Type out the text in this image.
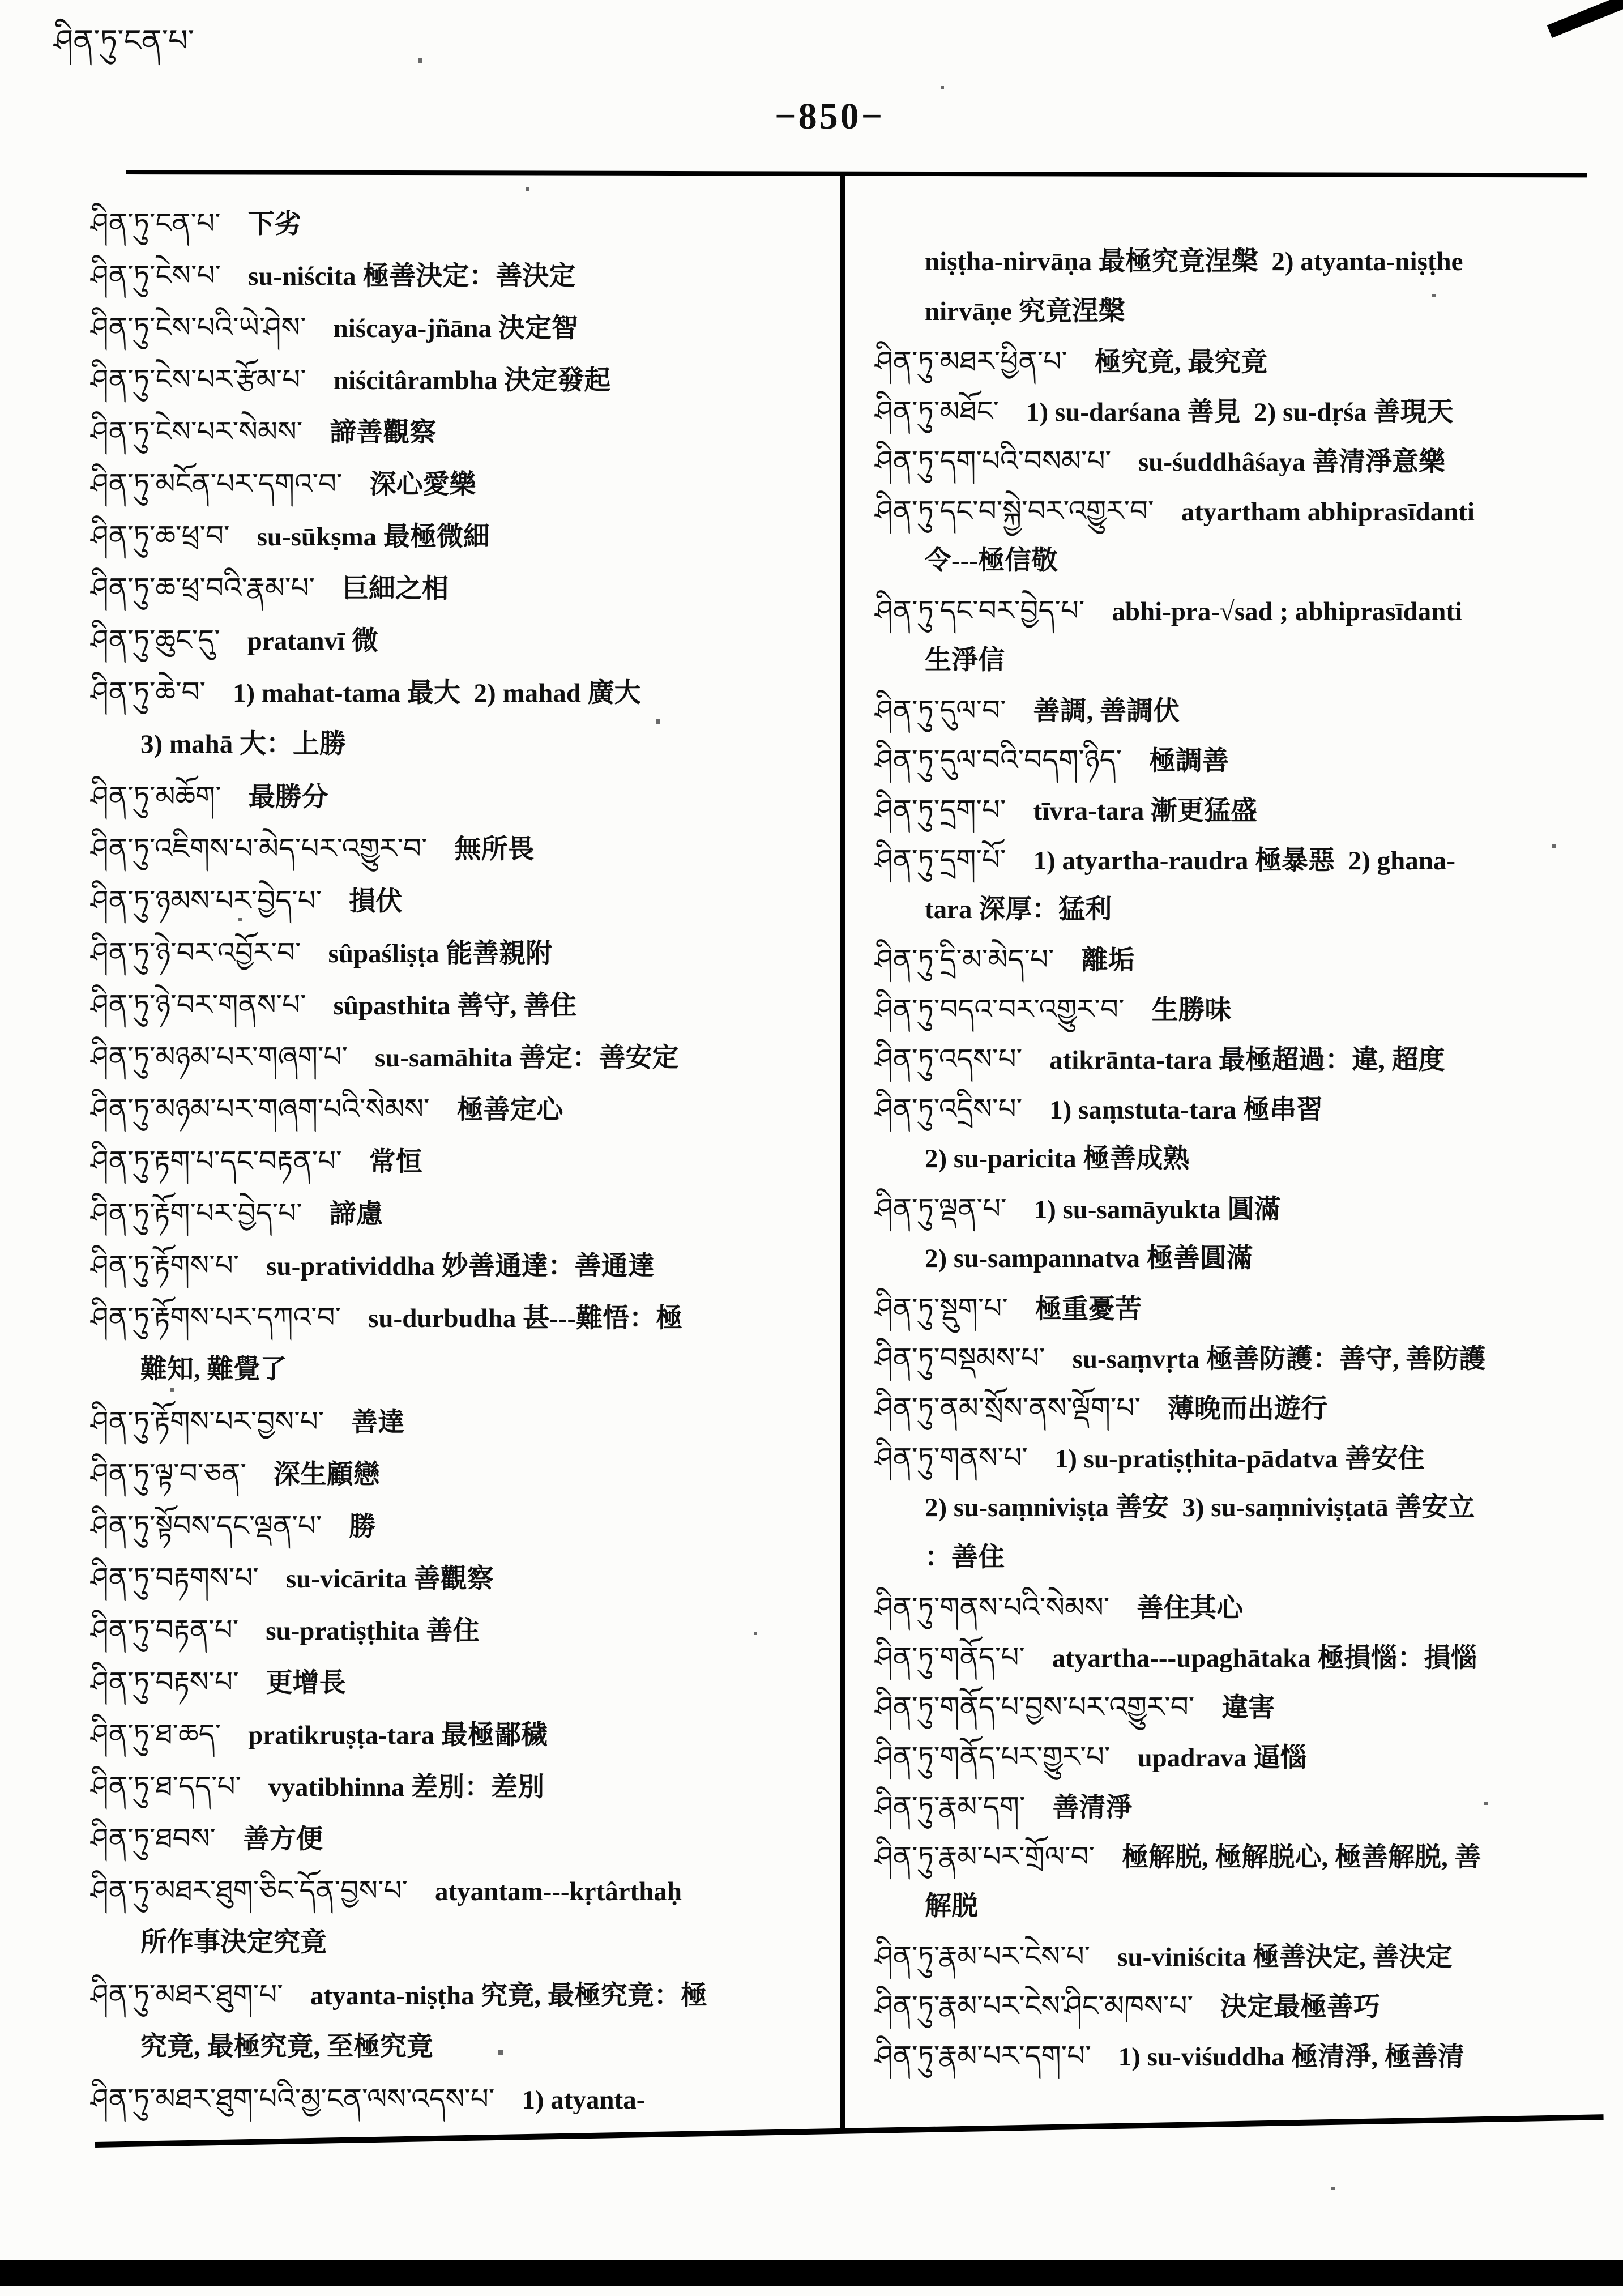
ཤིན་ཏུ་ངན་པ་
−850−
ཤིན་ཏུ་ངན་པ་ 下劣
ཤིན་ཏུ་ངེས་པ་ su-niścita 極善決定：善決定
ཤིན་ཏུ་ངེས་པའི་ཡེ་ཤེས་ niścaya-jñāna 決定智
ཤིན་ཏུ་ངེས་པར་རྩོམ་པ་ niścitârambha 決定發起
ཤིན་ཏུ་ངེས་པར་སེམས་ 諦善觀察
ཤིན་ཏུ་མངོན་པར་དགའ་བ་ 深心愛樂
ཤིན་ཏུ་ཆ་ཕྲ་བ་ su-sūkṣma 最極微細
ཤིན་ཏུ་ཆ་ཕྲ་བའི་རྣམ་པ་ 巨細之相
ཤིན་ཏུ་ཆུང་དུ་ pratanvī 微
ཤིན་ཏུ་ཆེ་བ་ 1) mahat-tama 最大  2) mahad 廣大
3) mahā 大：上勝
ཤིན་ཏུ་མཆོག་ 最勝分
ཤིན་ཏུ་འཇིགས་པ་མེད་པར་འགྱུར་བ་ 無所畏
ཤིན་ཏུ་ཉམས་པར་བྱེད་པ་ 損伏
ཤིན་ཏུ་ཉེ་བར་འབྱོར་བ་ sûpaśliṣṭa 能善親附
ཤིན་ཏུ་ཉེ་བར་གནས་པ་ sûpasthita 善守, 善住
ཤིན་ཏུ་མཉམ་པར་གཞག་པ་ su-samāhita 善定：善安定
ཤིན་ཏུ་མཉམ་པར་གཞག་པའི་སེམས་ 極善定心
ཤིན་ཏུ་རྟག་པ་དང་བརྟན་པ་ 常恒
ཤིན་ཏུ་རྟོག་པར་བྱེད་པ་ 諦慮
ཤིན་ཏུ་རྟོགས་པ་ su-pratividdha 妙善通達：善通達
ཤིན་ཏུ་རྟོགས་པར་དཀའ་བ་ su-durbudha 甚---難悟：極
難知, 難覺了
ཤིན་ཏུ་རྟོགས་པར་བྱས་པ་ 善達
ཤིན་ཏུ་ལྟ་བ་ཅན་ 深生顧戀
ཤིན་ཏུ་སྟོབས་དང་ལྡན་པ་ 勝
ཤིན་ཏུ་བརྟགས་པ་ su-vicārita 善觀察
ཤིན་ཏུ་བརྟན་པ་ su-pratiṣṭhita 善住
ཤིན་ཏུ་བརྟས་པ་ 更增長
ཤིན་ཏུ་ཐ་ཆད་ pratikruṣṭa-tara 最極鄙穢
ཤིན་ཏུ་ཐ་དད་པ་ vyatibhinna 差別：差別
ཤིན་ཏུ་ཐབས་ 善方便
ཤིན་ཏུ་མཐར་ཐུག་ཅིང་དོན་བྱས་པ་ atyantam---kṛtârthaḥ
所作事決定究竟
ཤིན་ཏུ་མཐར་ཐུག་པ་ atyanta-niṣṭha 究竟, 最極究竟：極
究竟, 最極究竟, 至極究竟
ཤིན་ཏུ་མཐར་ཐུག་པའི་མྱ་ངན་ལས་འདས་པ་ 1) atyanta-
niṣṭha-nirvāṇa 最極究竟涅槃  2) atyanta-niṣṭhe
nirvāṇe 究竟涅槃
ཤིན་ཏུ་མཐར་ཕྱིན་པ་ 極究竟, 最究竟
ཤིན་ཏུ་མཐོང་ 1) su-darśana 善見  2) su-dṛśa 善現天
ཤིན་ཏུ་དག་པའི་བསམ་པ་ su-śuddhâśaya 善清淨意樂
ཤིན་ཏུ་དང་བ་སྐྱེ་བར་འགྱུར་བ་ atyartham abhiprasīdanti
令---極信敬
ཤིན་ཏུ་དང་བར་བྱེད་པ་ abhi-pra-√sad ; abhiprasīdanti
生淨信
ཤིན་ཏུ་དུལ་བ་ 善調, 善調伏
ཤིན་ཏུ་དུལ་བའི་བདག་ཉིད་ 極調善
ཤིན་ཏུ་དྲག་པ་ tīvra-tara 漸更猛盛
ཤིན་ཏུ་དྲག་པོ་ 1) atyartha-raudra 極暴惡  2) ghana-
tara 深厚：猛利
ཤིན་ཏུ་དྲི་མ་མེད་པ་ 離垢
ཤིན་ཏུ་བདའ་བར་འགྱུར་བ་ 生勝味
ཤིན་ཏུ་འདས་པ་ atikrānta-tara 最極超過：違, 超度
ཤིན་ཏུ་འདྲིས་པ་ 1) saṃstuta-tara 極串習
2) su-paricita 極善成熟
ཤིན་ཏུ་ལྡན་པ་ 1) su-samāyukta 圓滿
2) su-sampannatva 極善圓滿
ཤིན་ཏུ་སྡུག་པ་ 極重憂苦
ཤིན་ཏུ་བསྡམས་པ་ su-saṃvṛta 極善防護：善守, 善防護
ཤིན་ཏུ་ནམ་སྲོས་ནས་ལྡོག་པ་ 薄晚而出遊行
ཤིན་ཏུ་གནས་པ་ 1) su-pratiṣṭhita-pādatva 善安住
2) su-saṃniviṣṭa 善安  3) su-saṃniviṣṭatā 善安立
：善住
ཤིན་ཏུ་གནས་པའི་སེམས་ 善住其心
ཤིན་ཏུ་གནོད་པ་ atyartha---upaghātaka 極損惱：損惱
ཤིན་ཏུ་གནོད་པ་བྱས་པར་འགྱུར་བ་ 違害
ཤིན་ཏུ་གནོད་པར་གྱུར་པ་ upadrava 逼惱
ཤིན་ཏུ་རྣམ་དག་ 善清淨
ཤིན་ཏུ་རྣམ་པར་གྲོལ་བ་ 極解脱, 極解脱心, 極善解脱, 善
解脱
ཤིན་ཏུ་རྣམ་པར་ངེས་པ་ su-viniścita 極善決定, 善決定
ཤིན་ཏུ་རྣམ་པར་ངེས་ཤིང་མཁས་པ་ 決定最極善巧
ཤིན་ཏུ་རྣམ་པར་དག་པ་ 1) su-viśuddha 極清淨, 極善清
